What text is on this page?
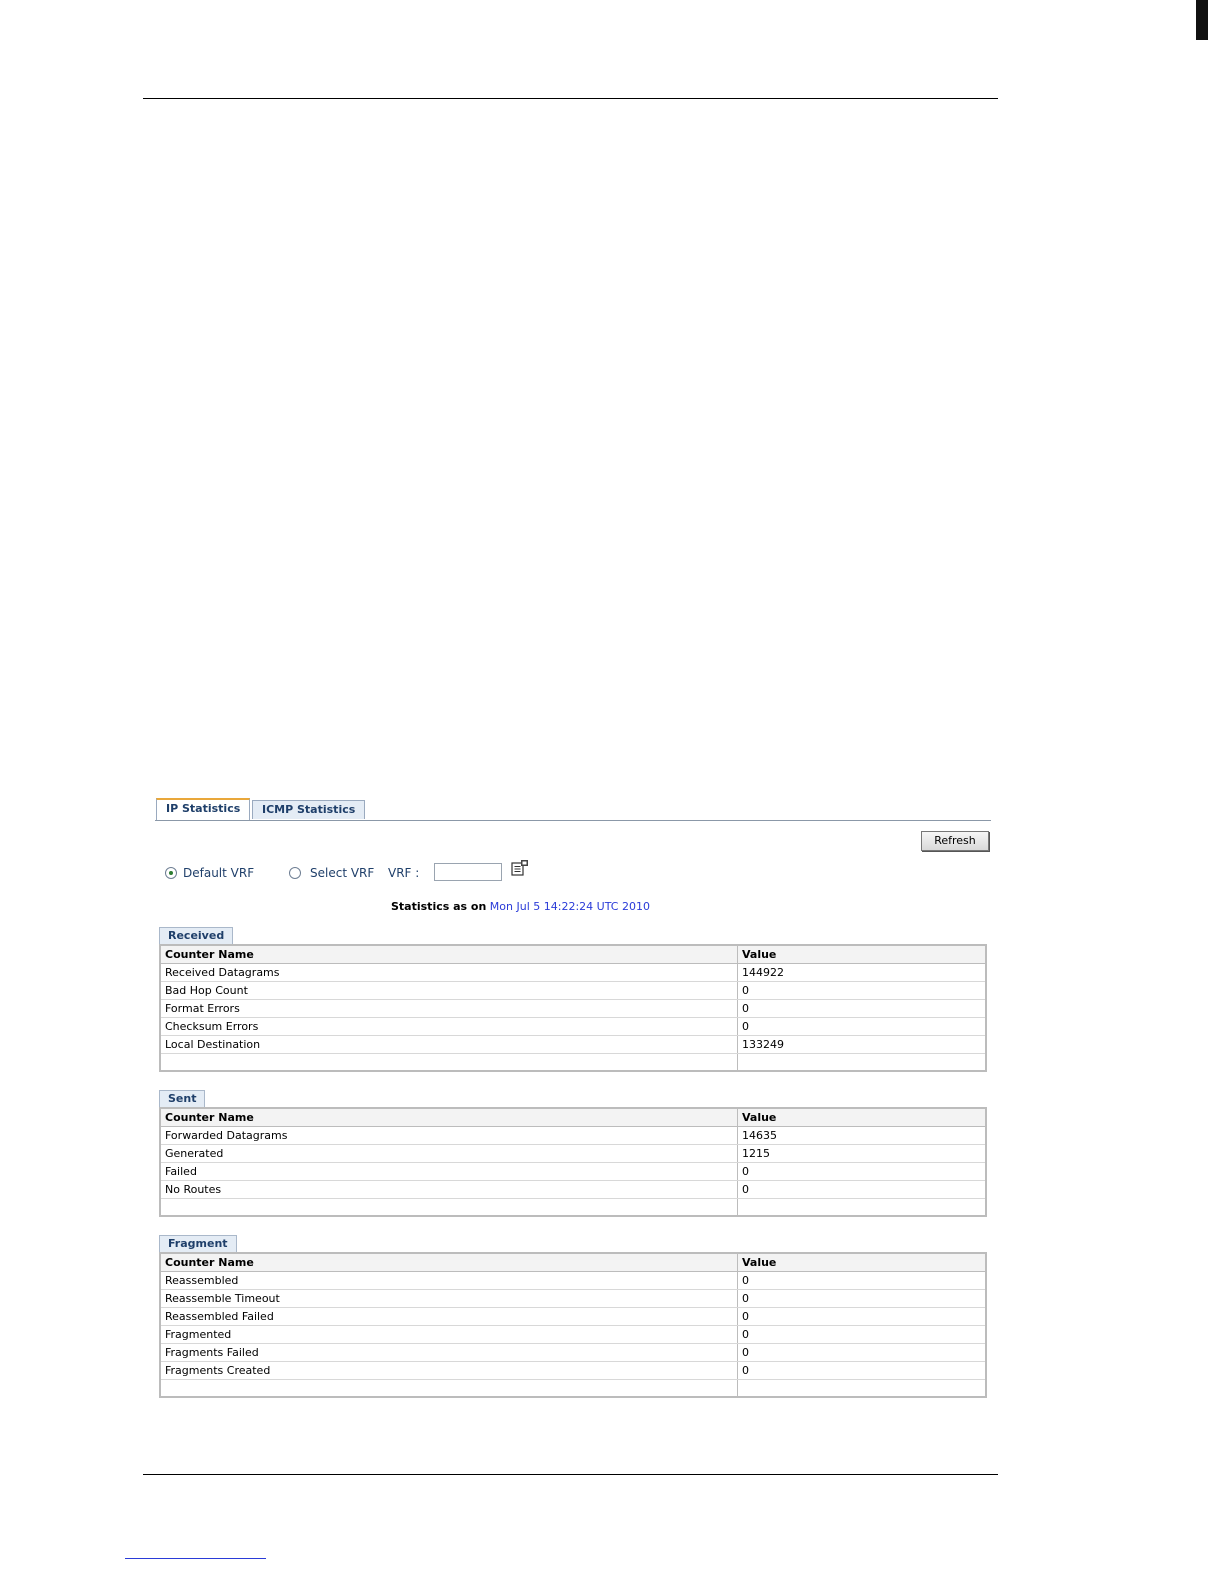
IP Statistics	ICMP Statistics
Refresh
Default VRF	Select VRF VRF :
Statistics as on Mon Jul 5 14:22:24 UTC 2010
Received
Counter Name	Value
Received Datagrams	144922
Bad Hop Count	0
Format Errors	0
Checksum Errors	0
Local Destination	133249

Sent
Counter Name	Value
Forwarded Datagrams	14635
Generated	1215
Failed	0
No Routes	0

Fragment
Counter Name	Value
Reassembled	0
Reassemble Timeout	0
Reassembled Failed	0
Fragmented	0
Fragments Failed	0
Fragments Created	0
